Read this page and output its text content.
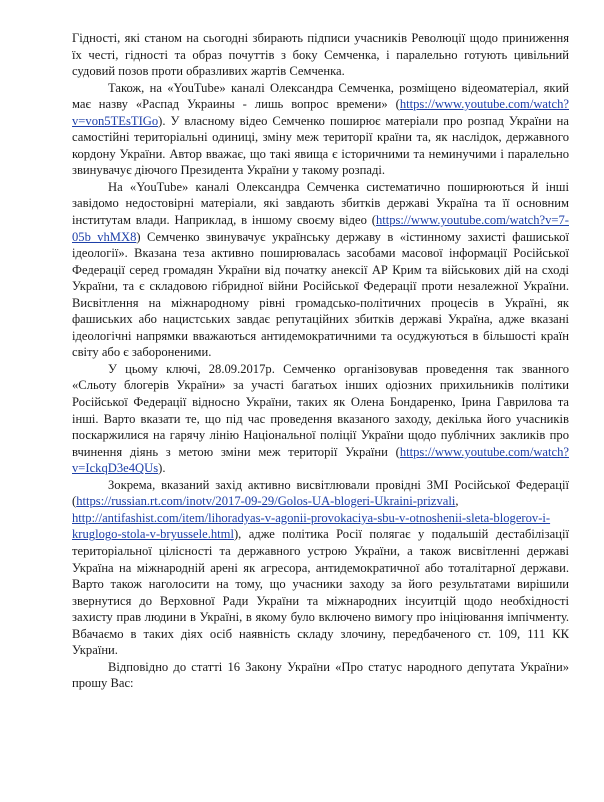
Гідності, які станом на сьогодні збирають підписи учасників Революції щодо приниження їх честі, гідності та образ почуттів з боку Семченка, і паралельно готують цивільний судовий позов проти образливих жартів Семченка.

Також, на «YouTube» каналі Олександра Семченка, розміщено відеоматеріал, який має назву «Распад Украины - лишь вопрос времени» (https://www.youtube.com/watch?v=von5TEsTIGo). У власному відео Семченко поширює матеріали про розпад України на самостійні територіальні одиниці, зміну меж території країни та, як наслідок, державного кордону України. Автор вважає, що такі явища є історичними та неминучими і паралельно звинувачує діючого Президента України у такому розпаді.

На «YouTube» каналі Олександра Семченка систематично поширюються й інші завідомо недостовірні матеріали, які завдають збитків державі Україна та її основним інститутам влади. Наприклад, в іншому своєму відео (https://www.youtube.com/watch?v=7-05b_vhMX8) Семченко звинувачує українську державу в «істинному захисті фашиської ідеології». Вказана теза активно поширювалась засобами масової інформації Російської Федерації серед громадян України від початку анексії АР Крим та військових дій на сході України, та є складовою гібридної війни Російської Федерації проти незалежної України. Висвітлення на міжнародному рівні громадсько-політичних процесів в Україні, як фашиських або нацистських завдає репутаційних збитків державі Україна, адже вказані ідеологічні напрямки вважаються антидемократичними та осуджуються в більшості країн світу або є забороненими.

У цьому ключі, 28.09.2017р. Семченко організовував проведення так званного «Сльоту блогерів України» за участі багатьох інших одіозних прихильників політики Російської Федерації відносно України, таких як Олена Бондаренко, Ірина Гаврилова та інші. Варто вказати те, що під час проведення вказаного заходу, декілька його учасників поскаржилися на гарячу лінію Національної поліції України щодо публічних закликів про вчинення діянь з метою зміни меж території України (https://www.youtube.com/watch?v=IckqD3e4QUs).

Зокрема, вказаний захід активно висвітлювали провідні ЗМІ Російської Федерації (https://russian.rt.com/inotv/2017-09-29/Golos-UA-blogeri-Ukraini-prizvali, http://antifashist.com/item/lihoradyas-v-agonii-provokaciya-sbu-v-otnoshenii-sleta-blogerov-i-kruglogo-stola-v-bryussele.html), адже політика Росії полягає у подальшій дестабілізації територіальної цілісності та державного устрою України, а також висвітленні державі Україна на міжнародній арені як агресора, антидемократичної або тоталітарної держави. Варто також наголосити на тому, що учасники заходу за його результатами вирішили звернутися до Верховної Ради України та міжнародних інсуитцій щодо необхідності захисту прав людини в Україні, в якому було включено вимогу про ініціювання імпічменту. Вбачаємо в таких діях осіб наявність складу злочину, передбаченого ст. 109, 111 КК України.

Відповідно до статті 16 Закону України «Про статус народного депутата України» прошу Вас:
